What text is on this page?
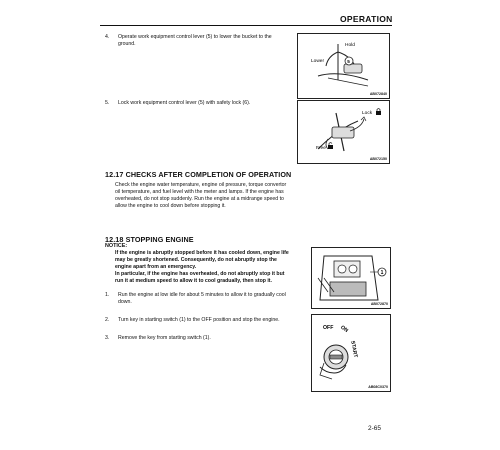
OPERATION
4.	Operate work equipment control lever (5) to lower the bucket to the
ground.	Hold
Lower	5
AB072840
5.	Lock work equipment control lever (5) with safety lock (6).
Lock
Free
AB072150
12.17 CHECKS AFTER COMPLETION OF OPERATION
Check the engine water temperature, engine oil pressure, torque convertor
oil temperature, and fuel level with the meter and lamps. If the engine has
overheated, do not stop suddenly. Run the engine at a midrange speed to
allow the engine to cool down before stopping it.
12.18 STOPPING ENGINE
NOTICE:
If the engine is abruptly stopped before it has cooled down, engine life
may be greatly shortened. Consequently, do not abruptly stop the
engine apart from an emergency.
In particular, if the engine has overheated, do not abruptly stop it but
run it at medium speed to allow it to cool gradually, then stop it.
1
AB072870
1.	Run the engine at low idle for about 5 minutes to allow it to gradually cool
down.
2.	Turn key in starting switch (1) to the OFF position and stop the engine.
3.	Remove the key from starting switch (1).
OFF ON
START
AB08C0370
2-65
